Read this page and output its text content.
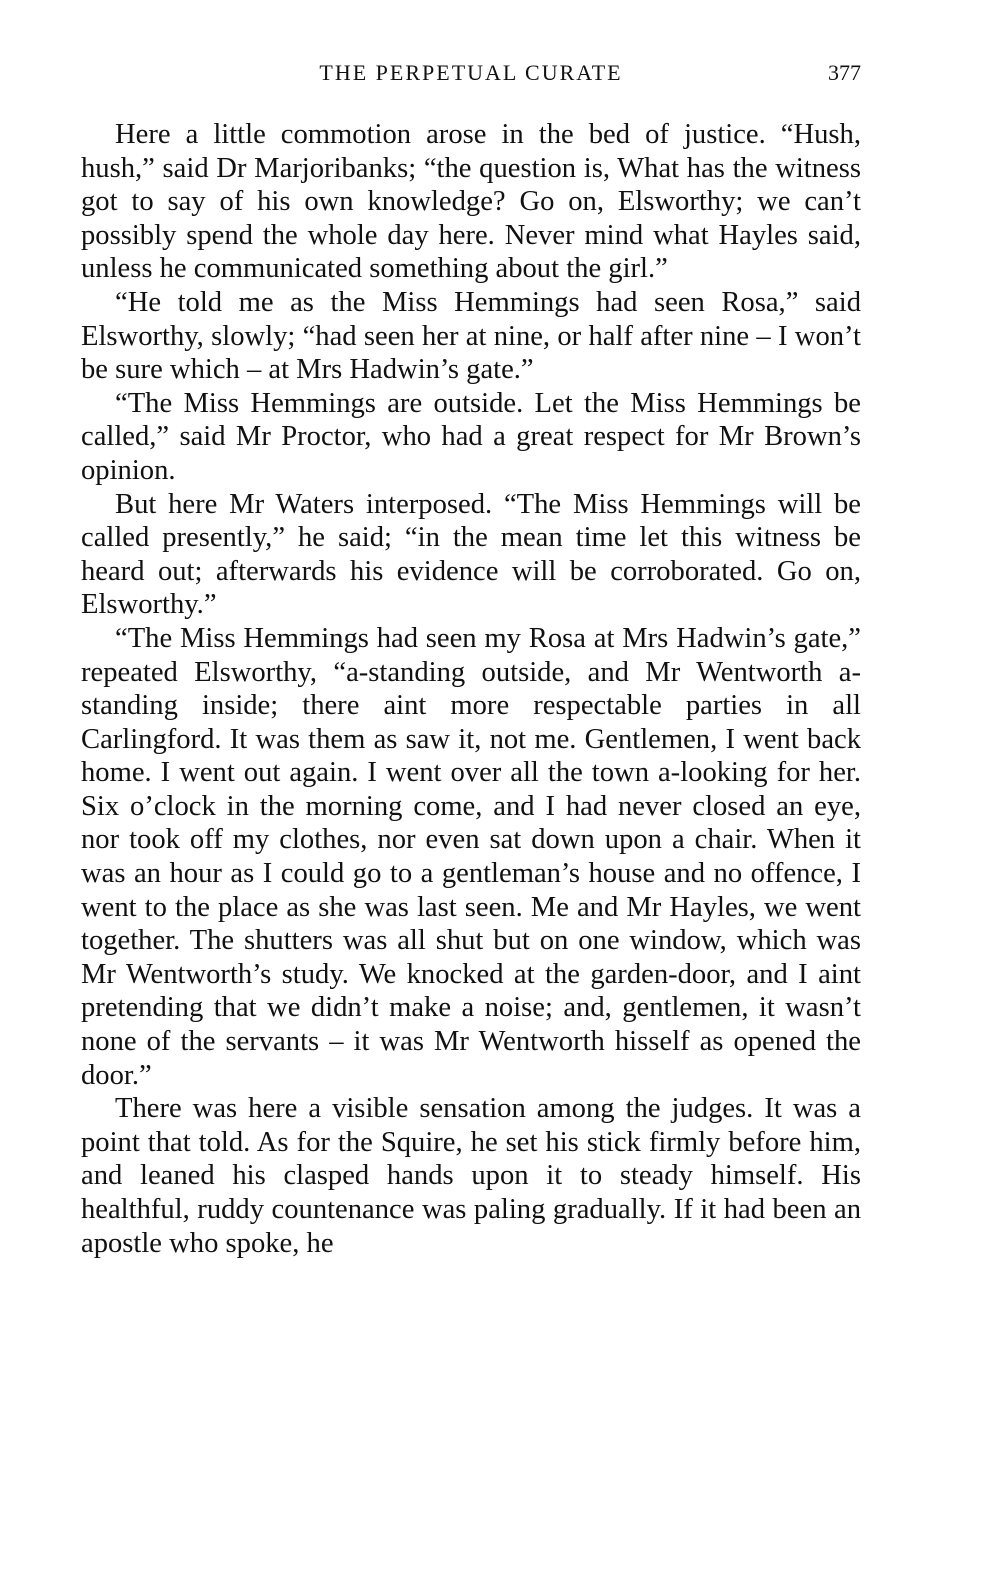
THE PERPETUAL CURATE	377

Here a little commotion arose in the bed of justice. “Hush, hush,” said Dr Marjoribanks; “the question is, What has the witness got to say of his own knowledge? Go on, Elsworthy; we can’t possibly spend the whole day here. Never mind what Hayles said, unless he communicated something about the girl.”

“He told me as the Miss Hemmings had seen Rosa,” said Elsworthy, slowly; “had seen her at nine, or half after nine – I won’t be sure which – at Mrs Hadwin’s gate.”

“The Miss Hemmings are outside. Let the Miss Hemmings be called,” said Mr Proctor, who had a great respect for Mr Brown’s opinion.

But here Mr Waters interposed. “The Miss Hemmings will be called presently,” he said; “in the mean time let this witness be heard out; afterwards his evidence will be corroborated. Go on, Elsworthy.”

“The Miss Hemmings had seen my Rosa at Mrs Hadwin’s gate,” repeated Elsworthy, “a-standing outside, and Mr Wentworth a-standing inside; there aint more respectable parties in all Carlingford. It was them as saw it, not me. Gentlemen, I went back home. I went out again. I went over all the town a-looking for her. Six o’clock in the morning come, and I had never closed an eye, nor took off my clothes, nor even sat down upon a chair. When it was an hour as I could go to a gentleman’s house and no offence, I went to the place as she was last seen. Me and Mr Hayles, we went together. The shutters was all shut but on one window, which was Mr Wentworth’s study. We knocked at the garden-door, and I aint pretending that we didn’t make a noise; and, gentlemen, it wasn’t none of the servants – it was Mr Wentworth hisself as opened the door.”

There was here a visible sensation among the judges. It was a point that told. As for the Squire, he set his stick firmly before him, and leaned his clasped hands upon it to steady himself. His healthful, ruddy countenance was paling gradually. If it had been an apostle who spoke, he
